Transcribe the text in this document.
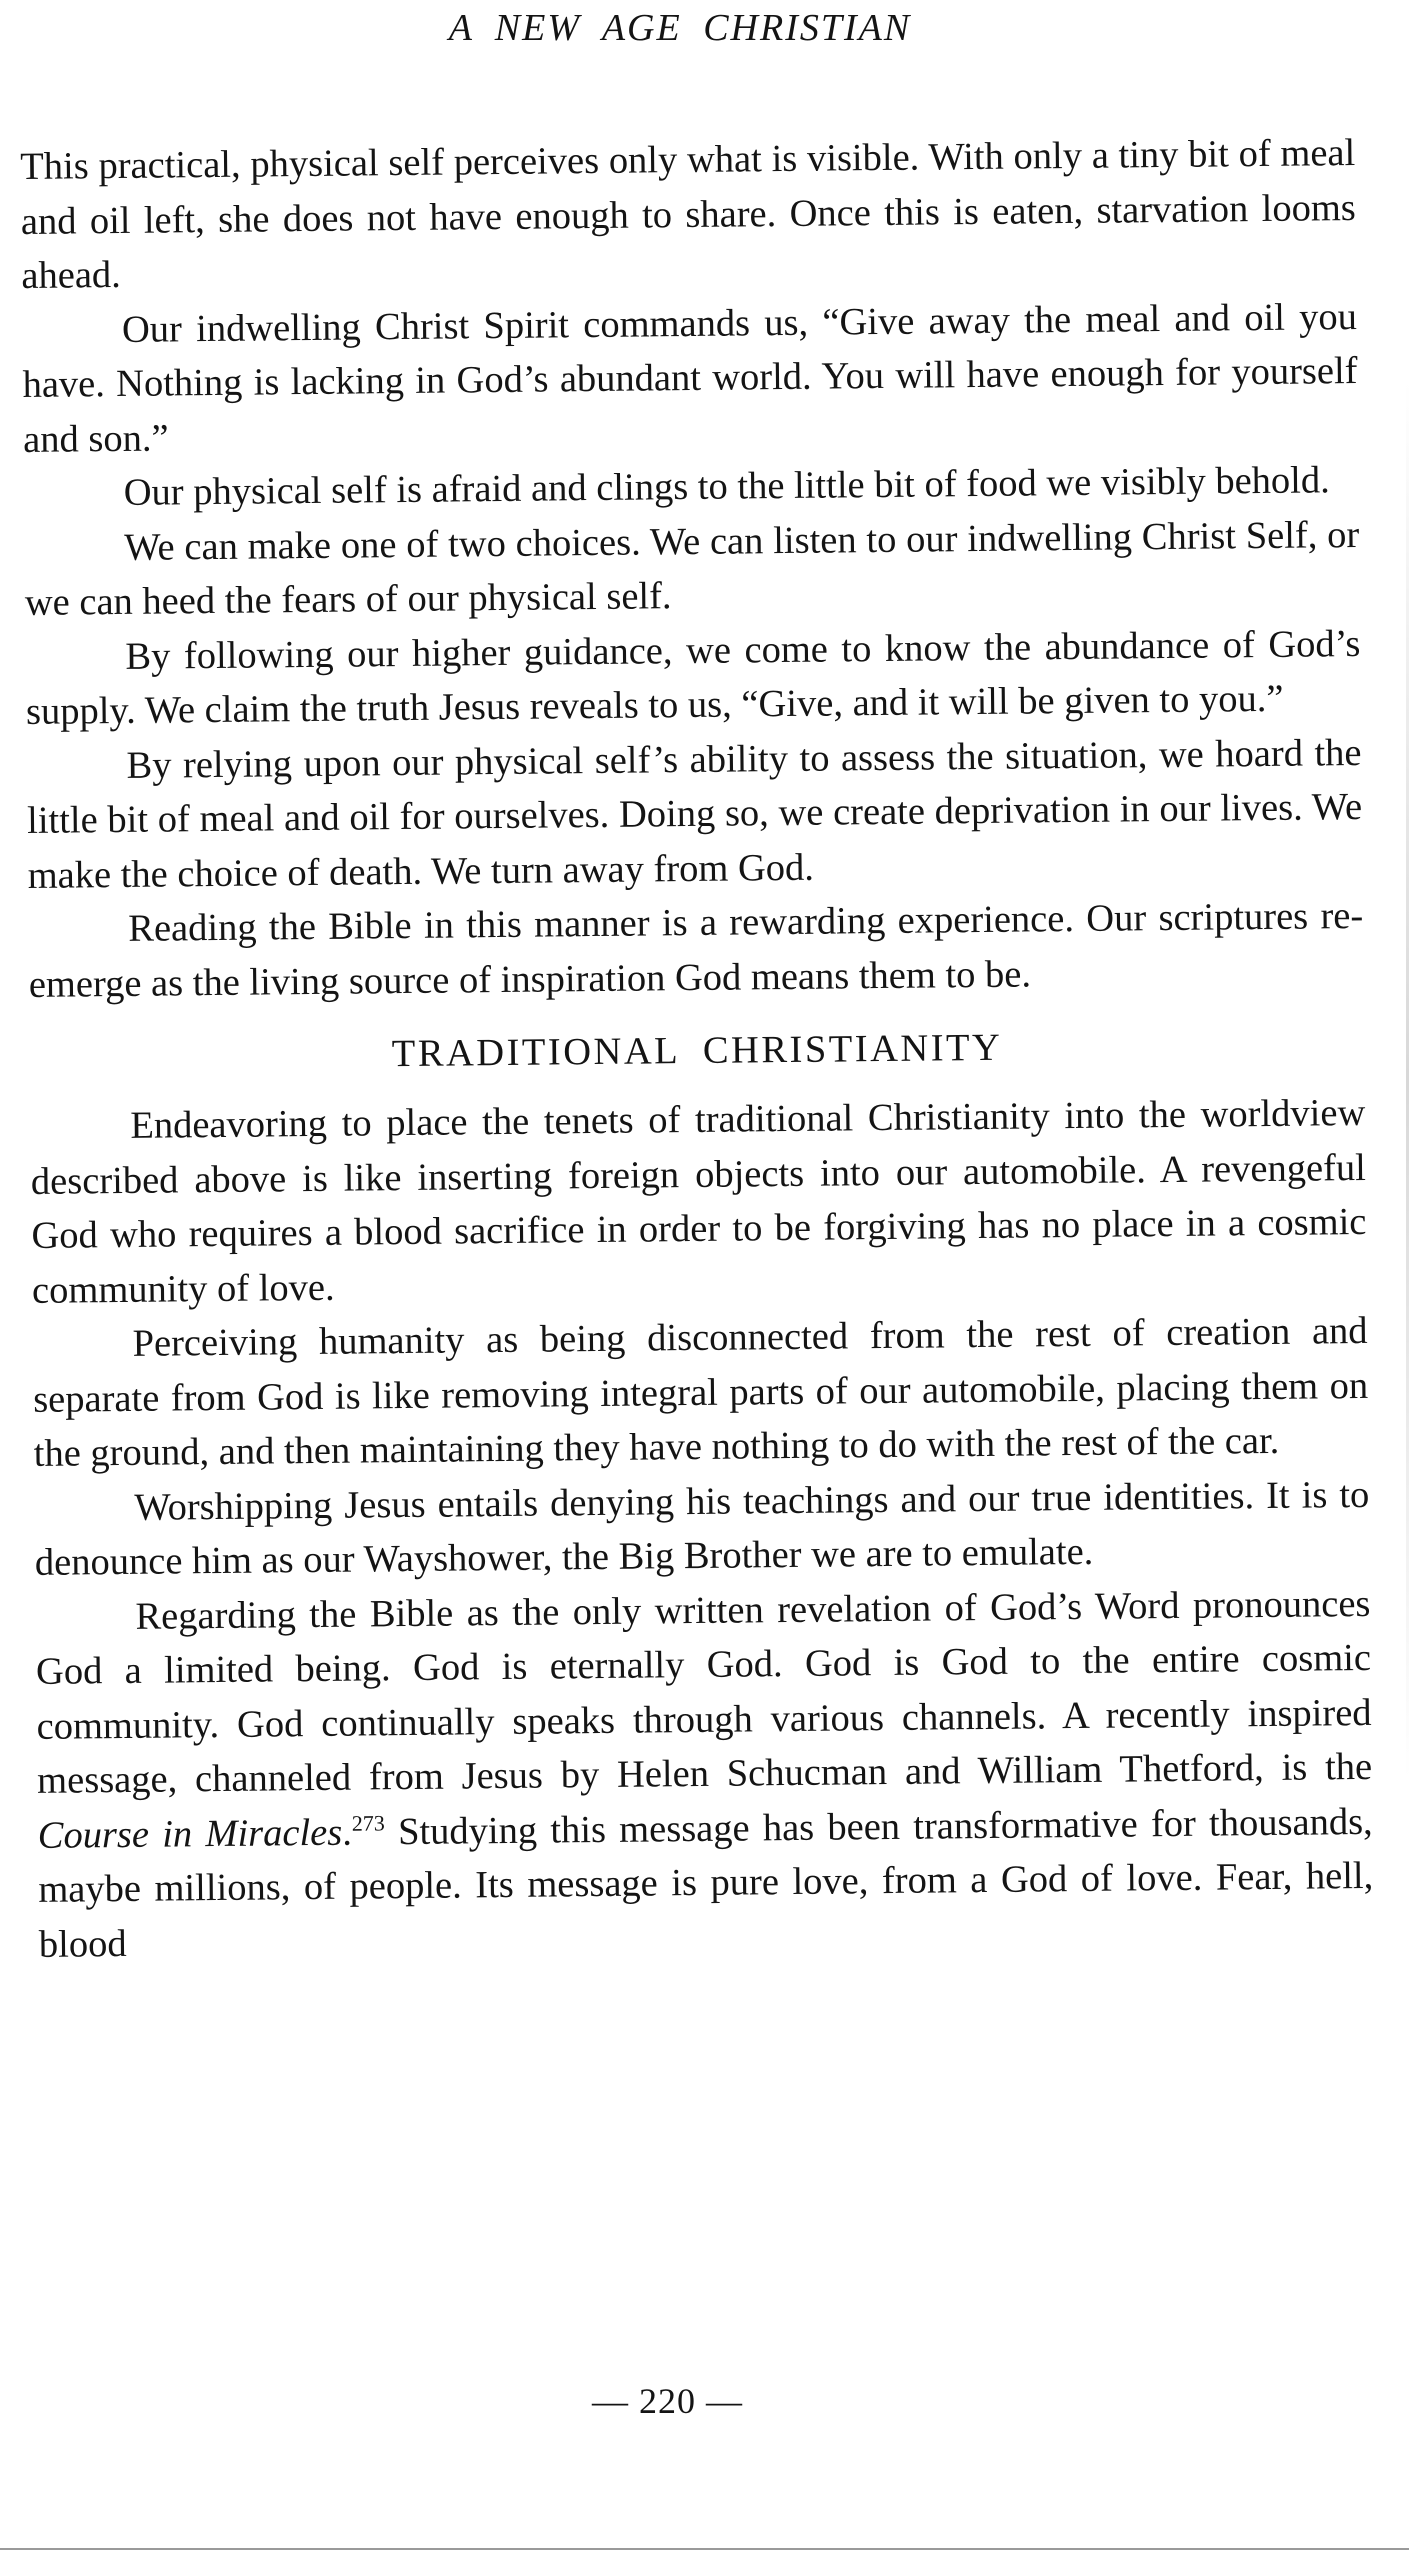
A NEW AGE CHRISTIAN

This practical, physical self perceives only what is visible. With only a tiny bit of meal and oil left, she does not have enough to share. Once this is eaten, starvation looms ahead.

Our indwelling Christ Spirit commands us, “Give away the meal and oil you have. Nothing is lacking in God’s abundant world. You will have enough for yourself and son.”

Our physical self is afraid and clings to the little bit of food we visibly behold.

We can make one of two choices. We can listen to our indwelling Christ Self, or we can heed the fears of our physical self.

By following our higher guidance, we come to know the abundance of God’s supply. We claim the truth Jesus reveals to us, “Give, and it will be given to you.”

By relying upon our physical self’s ability to assess the situation, we hoard the little bit of meal and oil for ourselves. Doing so, we create deprivation in our lives. We make the choice of death. We turn away from God.

Reading the Bible in this manner is a rewarding experience. Our scriptures re-emerge as the living source of inspiration God means them to be.

TRADITIONAL CHRISTIANITY

Endeavoring to place the tenets of traditional Christianity into the worldview described above is like inserting foreign objects into our automobile. A revengeful God who requires a blood sacrifice in order to be forgiving has no place in a cosmic community of love.

Perceiving humanity as being disconnected from the rest of creation and separate from God is like removing integral parts of our automobile, placing them on the ground, and then maintaining they have nothing to do with the rest of the car.

Worshipping Jesus entails denying his teachings and our true identities. It is to denounce him as our Wayshower, the Big Brother we are to emulate.

Regarding the Bible as the only written revelation of God’s Word pronounces God a limited being. God is eternally God. God is God to the entire cosmic community. God continually speaks through various channels. A recently inspired message, channeled from Jesus by Helen Schucman and William Thetford, is the Course in Miracles.$^{273}$ Studying this message has been transformative for thousands, maybe millions, of people. Its message is pure love, from a God of love. Fear, hell, blood

— 220 —
